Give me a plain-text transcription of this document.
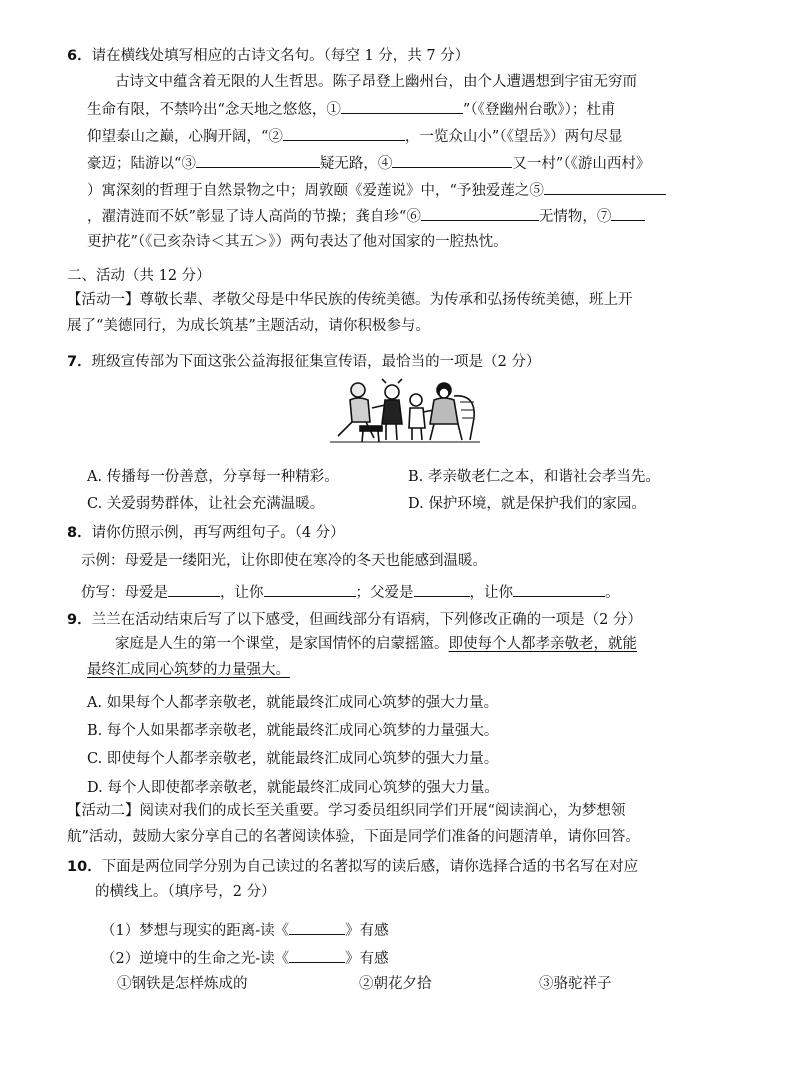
6．请在横线处填写相应的古诗文名句。（每空 1 分，共 7 分）
古诗文中蕴含着无限的人生哲思。陈子昂登上幽州台，由个人遭遇想到宇宙无穷而
生命有限，不禁吟出“念天地之悠悠，①	”（《登幽州台歌》）；杜甫
仰望泰山之巅，心胸开阔，“②	，一览众山小”（《望岳》）两句尽显
豪迈；陆游以“③	疑无路，④	又一村”（《游山西村》
）寓深刻的哲理于自然景物之中；周敦颐《爱莲说》中，“予独爱莲之⑤
，濯清涟而不妖”彰显了诗人高尚的节操；龚自珍“⑥	无情物，⑦
更护花”（《己亥杂诗＜其五＞》）两句表达了他对国家的一腔热忱。
二、活动（共 12 分）
【活动一】尊敬长辈、孝敬父母是中华民族的传统美德。为传承和弘扬传统美德，班上开
展了“美德同行，为成长筑基”主题活动，请你积极参与。
7．班级宣传部为下面这张公益海报征集宣传语，最恰当的一项是（2 分）
A. 传播每一份善意，分享每一种精彩。	B. 孝亲敬老仁之本，和谐社会孝当先。
C. 关爱弱势群体，让社会充满温暖。	D. 保护环境，就是保护我们的家园。
8．请你仿照示例，再写两组句子。（4 分）
示例：母爱是一缕阳光，让你即使在寒冷的冬天也能感到温暖。
仿写：母爱是	，让你	；父爱是	，让你	。
9．兰兰在活动结束后写了以下感受，但画线部分有语病，下列修改正确的一项是（2 分）
家庭是人生的第一个课堂，是家国情怀的启蒙摇篮。即使每个人都孝亲敬老，就能
最终汇成同心筑梦的力量强大。
A. 如果每个人都孝亲敬老，就能最终汇成同心筑梦的强大力量。
B. 每个人如果都孝亲敬老，就能最终汇成同心筑梦的力量强大。
C. 即使每个人都孝亲敬老，就能最终汇成同心筑梦的强大力量。
D. 每个人即使都孝亲敬老，就能最终汇成同心筑梦的强大力量。
【活动二】阅读对我们的成长至关重要。学习委员组织同学们开展“阅读润心，为梦想领
航”活动，鼓励大家分享自己的名著阅读体验，下面是同学们准备的问题清单，请你回答。
10．下面是两位同学分别为自己读过的名著拟写的读后感，请你选择合适的书名写在对应
的横线上。（填序号，2 分）
（1）梦想与现实的距离-读《	》有感
（2）逆境中的生命之光-读《	》有感
①钢铁是怎样炼成的	②朝花夕拾	③骆驼祥子
